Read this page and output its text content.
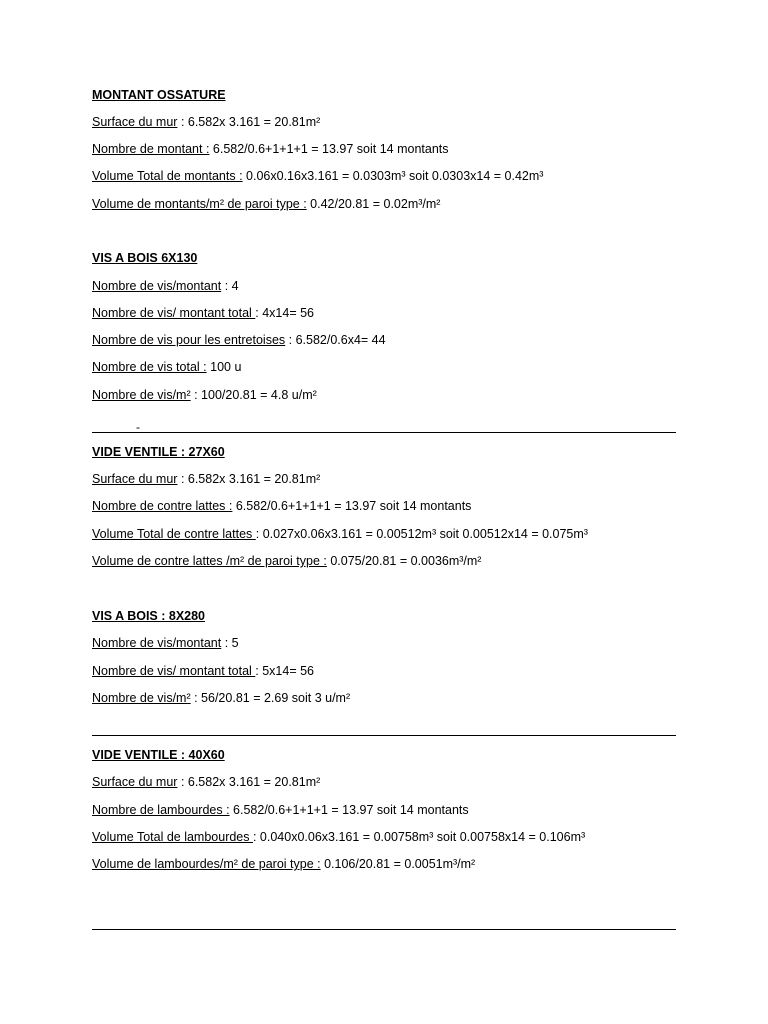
MONTANT OSSATURE
Surface du mur : 6.582x 3.161 = 20.81m²
Nombre de montant : 6.582/0.6+1+1+1 = 13.97 soit 14 montants
Volume Total de montants : 0.06x0.16x3.161 = 0.0303m³ soit 0.0303x14 = 0.42m³
Volume de montants/m² de paroi type : 0.42/20.81 = 0.02m³/m²
VIS A BOIS 6X130
Nombre de vis/montant : 4
Nombre de vis/ montant total : 4x14= 56
Nombre de vis pour les entretoises : 6.582/0.6x4= 44
Nombre de vis total : 100 u
Nombre de vis/m² : 100/20.81 = 4.8 u/m²
-
VIDE VENTILE : 27X60
Surface du mur : 6.582x 3.161 = 20.81m²
Nombre de contre lattes : 6.582/0.6+1+1+1 = 13.97 soit 14 montants
Volume Total de contre lattes : 0.027x0.06x3.161 = 0.00512m³ soit 0.00512x14 = 0.075m³
Volume de contre lattes /m² de paroi type : 0.075/20.81 = 0.0036m³/m²
VIS A BOIS : 8X280
Nombre de vis/montant : 5
Nombre de vis/ montant total : 5x14= 56
Nombre de vis/m² : 56/20.81 = 2.69 soit 3 u/m²
VIDE VENTILE : 40X60
Surface du mur : 6.582x 3.161 = 20.81m²
Nombre de lambourdes : 6.582/0.6+1+1+1 = 13.97 soit 14 montants
Volume Total de lambourdes : 0.040x0.06x3.161 = 0.00758m³ soit 0.00758x14 = 0.106m³
Volume de lambourdes/m² de paroi type : 0.106/20.81 = 0.0051m³/m²
